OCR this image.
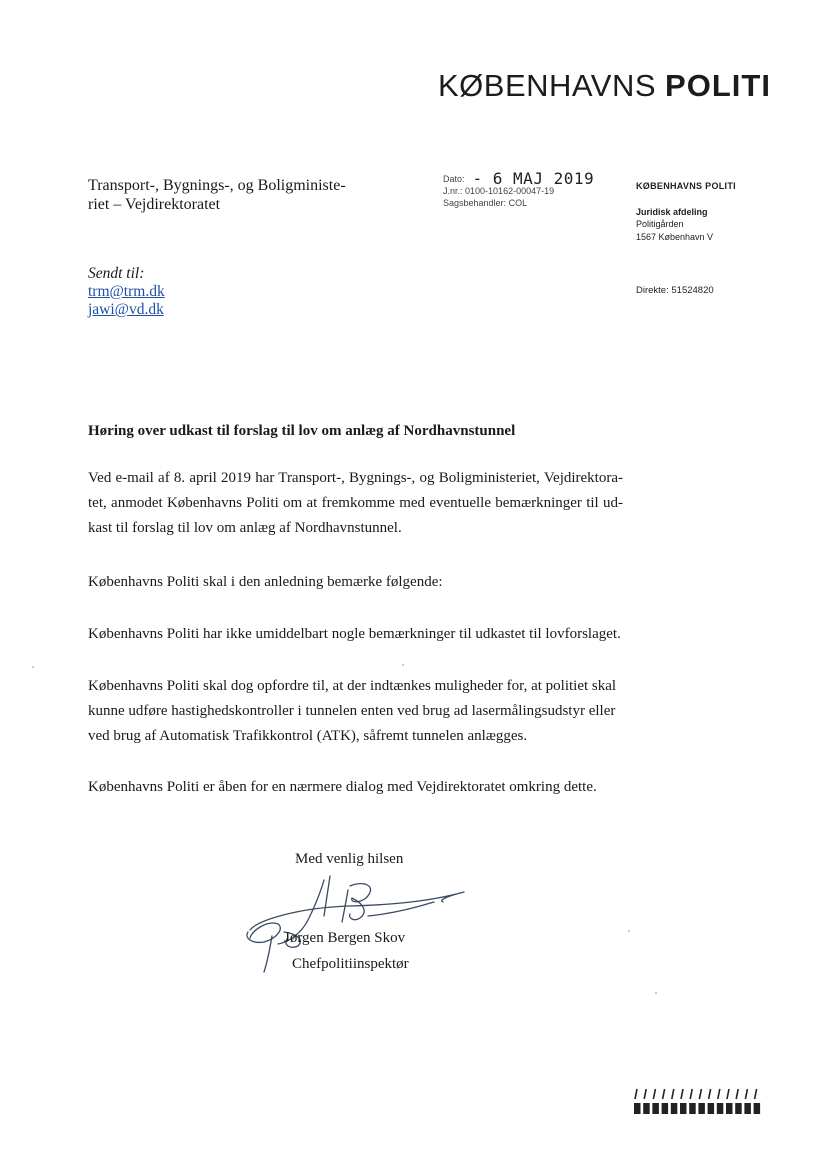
KØBENHAVNS POLITI
Transport-, Bygnings-, og Boligministe-
riet – Vejdirektoratet
Sendt til:
trm@trm.dk
jawi@vd.dk
Dato: - 6 MAJ 2019
J.nr.: 0100-10162-00047-19
Sagsbehandler: COL
KØBENHAVNS POLITI
Juridisk afdeling
Politigården
1567 København V
Direkte: 51524820
Høring over udkast til forslag til lov om anlæg af Nordhavnstunnel
Ved e-mail af 8. april 2019 har Transport-, Bygnings-, og Boligministeriet, Vejdirektora-
tet, anmodet Københavns Politi om at fremkomme med eventuelle bemærkninger til ud-
kast til forslag til lov om anlæg af Nordhavnstunnel.
Københavns Politi skal i den anledning bemærke følgende:
Københavns Politi har ikke umiddelbart nogle bemærkninger til udkastet til lovforslaget.
Københavns Politi skal dog opfordre til, at der indtænkes muligheder for, at politiet skal
kunne udføre hastighedskontroller i tunnelen enten ved brug ad lasermålingsudstyr eller
ved brug af Automatisk Trafikkontrol (ATK), såfremt tunnelen anlægges.
Københavns Politi er åben for en nærmere dialog med Vejdirektoratet omkring dette.
Med venlig hilsen
Jørgen Bergen Skov
Chefpolitiinspektør
